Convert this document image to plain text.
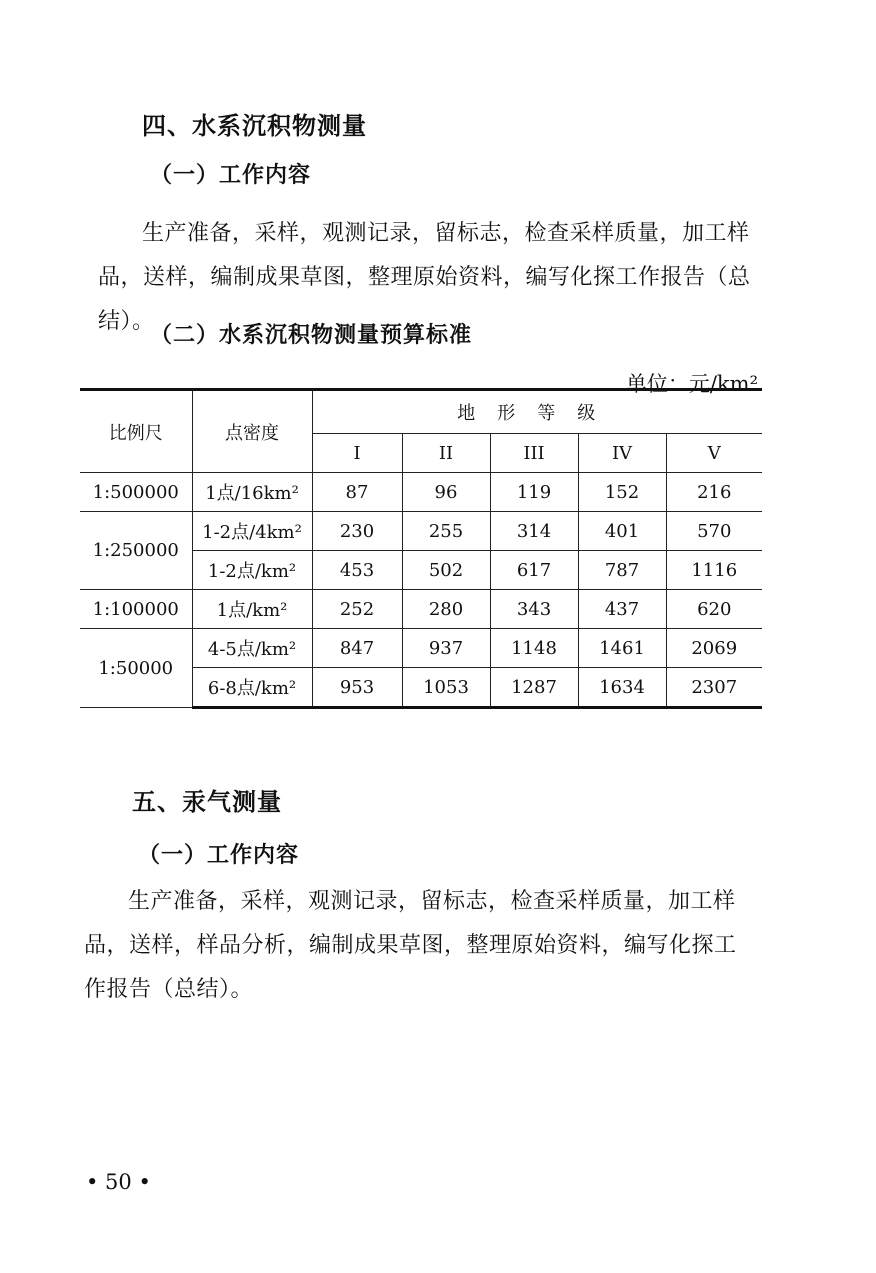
四、水系沉积物测量
（一）工作内容
生产准备，采样，观测记录，留标志，检查采样质量，加工样品，送样，编制成果草图，整理原始资料，编写化探工作报告（总结）。
（二）水系沉积物测量预算标准
单位：元/km²
比例尺	点密度	地形等级				
		I	II	III	IV	V
1:500000	1点/16km²	87	96	119	152	216
1:250000	1-2点/4km²	230	255	314	401	570
	1-2点/km²	453	502	617	787	1116
1:100000	1点/km²	252	280	343	437	620
1:50000	4-5点/km²	847	937	1148	1461	2069
	6-8点/km²	953	1053	1287	1634	2307
五、汞气测量
（一）工作内容
生产准备，采样，观测记录，留标志，检查采样质量，加工样品，送样，样品分析，编制成果草图，整理原始资料，编写化探工作报告（总结）。
• 50 •
